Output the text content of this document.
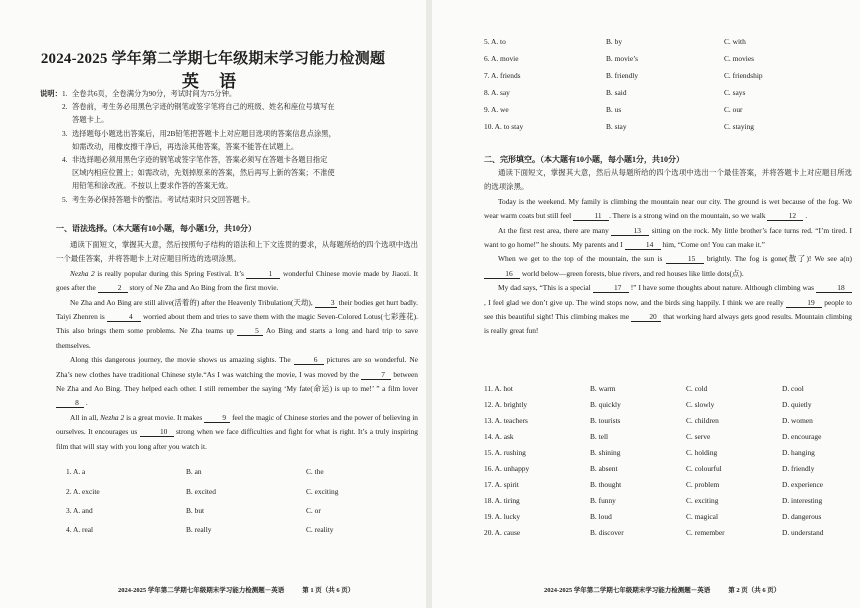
2024-2025 学年第二学期七年级期末学习能力检测题
英 语
说明： 1. 全卷共6页，全卷满分为90分，考试时间为75分钟。
2. 答卷前，考生务必用黑色字迹的钢笔或签字笔将自己的班级、姓名和座位号填写在
答题卡上。
3. 选择题每小题选出答案后，用2B铅笔把答题卡上对应题目选项的答案信息点涂黑，
如需改动，用橡皮擦干净后，再选涂其他答案，答案不能答在试题上。
4. 非选择题必须用黑色字迹的钢笔或签字笔作答，答案必须写在答题卡各题目指定
区域内相应位置上；如需改动，先划掉原来的答案，然后再写上新的答案；不准使
用铅笔和涂改液。不按以上要求作答的答案无效。
5. 考生务必保持答题卡的整洁。考试结束时只交回答题卡。
一、语法选择。（本大题有10小题，每小题1分，共10分）

通读下面短文，掌握其大意，然后按照句子结构的语法和上下文连贯的要求，从每题所给的四个选项中选出一个最佳答案，并将答题卡上对应题目所选的选项涂黑。

Nezha 2 is really popular during this Spring Festival. It’s	1 wonderful Chinese movie made by Jiaozi. It goes after the	2 story of Ne Zha and Ao Bing from the first movie.

Ne Zha and Ao Bing are still alive(活着的) after the Heavenly Tribulation(天劫), 3 their bodies get hurt badly. Taiyi Zhenren is	4 worried about them and tries to save them with the magic Seven-Colored Lotus(七彩莲花). This also brings them some problems. Ne Zha teams up 5 Ao Bing and starts a long and hard trip to save themselves.

Along this dangerous journey, the movie shows us amazing sights. The	6 pictures are so wonderful. Ne Zha’s new clothes have traditional Chinese style.“As I was watching the movie, I was moved by the	7 between Ne Zha and Ao Bing. They helped each other. I still remember the saying ‘My fate(命运) is up to me!’ ” a film lover 8 .

All in all, Nezha 2 is a great movie. It makes 9 feel the magic of Chinese stories and the power of believing in ourselves. It encourages us	10 strong when we face difficulties and fight for what is right. It’s a truly inspiring film that will stay with you long after you watch it.

1. A. a	B. an	C. the
2. A. excite	B. excited	C. exciting
3. A. and	B. but	C. or
4. A. real	B. really	C. reality
2024-2025 学年第二学期七年级期末学习能力检测题－英语	第 1 页（共 6 页）
5. A. to	B. by	C. with
6. A. movie	B. movie’s	C. movies
7. A. friends	B. friendly	C. friendship
8. A. say	B. said	C. says
9. A. we	B. us	C. our
10. A. to stay	B. stay	C. staying
二、完形填空。（本大题有10小题，每小题1分，共10分）

通读下面短文，掌握其大意，然后从每题所给的四个选项中选出一个最佳答案，并将答题卡上对应题目所选的选项涂黑。

Today is the weekend. My family is climbing the mountain near our city. The ground is wet because of the fog. We wear warm coats but still feel	11 . There is a strong wind on the mountain, so we walk	12 .

At the first rest area, there are many	13 sitting on the rock. My little brother’s face turns red. “I’m tired. I want to go home!” he shouts. My parents and I	14 him, “Come on! You can make it.”

When we get to the top of the mountain, the sun is	15 brightly. The fog is gone(散了)! We see a(n) 16 world below—green forests, blue rivers, and red houses like little dots(点).

My dad says, “This is a special	17 !” I have some thoughts about nature. Although climbing was	18 , I feel glad we don’t give up. The wind stops now, and the birds sing happily. I think we are really	19 people to see this beautiful sight! This climbing makes me 20 that working hard always gets good results. Mountain climbing is really great fun!

11. A. hot	B. warm	C. cold	D. cool
12. A. brightly	B. quickly	C. slowly	D. quietly
13. A. teachers	B. tourists	C. children	D. women
14. A. ask	B. tell	C. serve	D. encourage
15. A. rushing	B. shining	C. holding	D. hanging
16. A. unhappy	B. absent	C. colourful	D. friendly
17. A. spirit	B. thought	C. problem	D. experience
18. A. tiring	B. funny	C. exciting	D. interesting
19. A. lucky	B. loud	C. magical	D. dangerous
20. A. cause	B. discover	C. remember	D. understand
2024-2025 学年第二学期七年级期末学习能力检测题－英语	第 2 页（共 6 页）
